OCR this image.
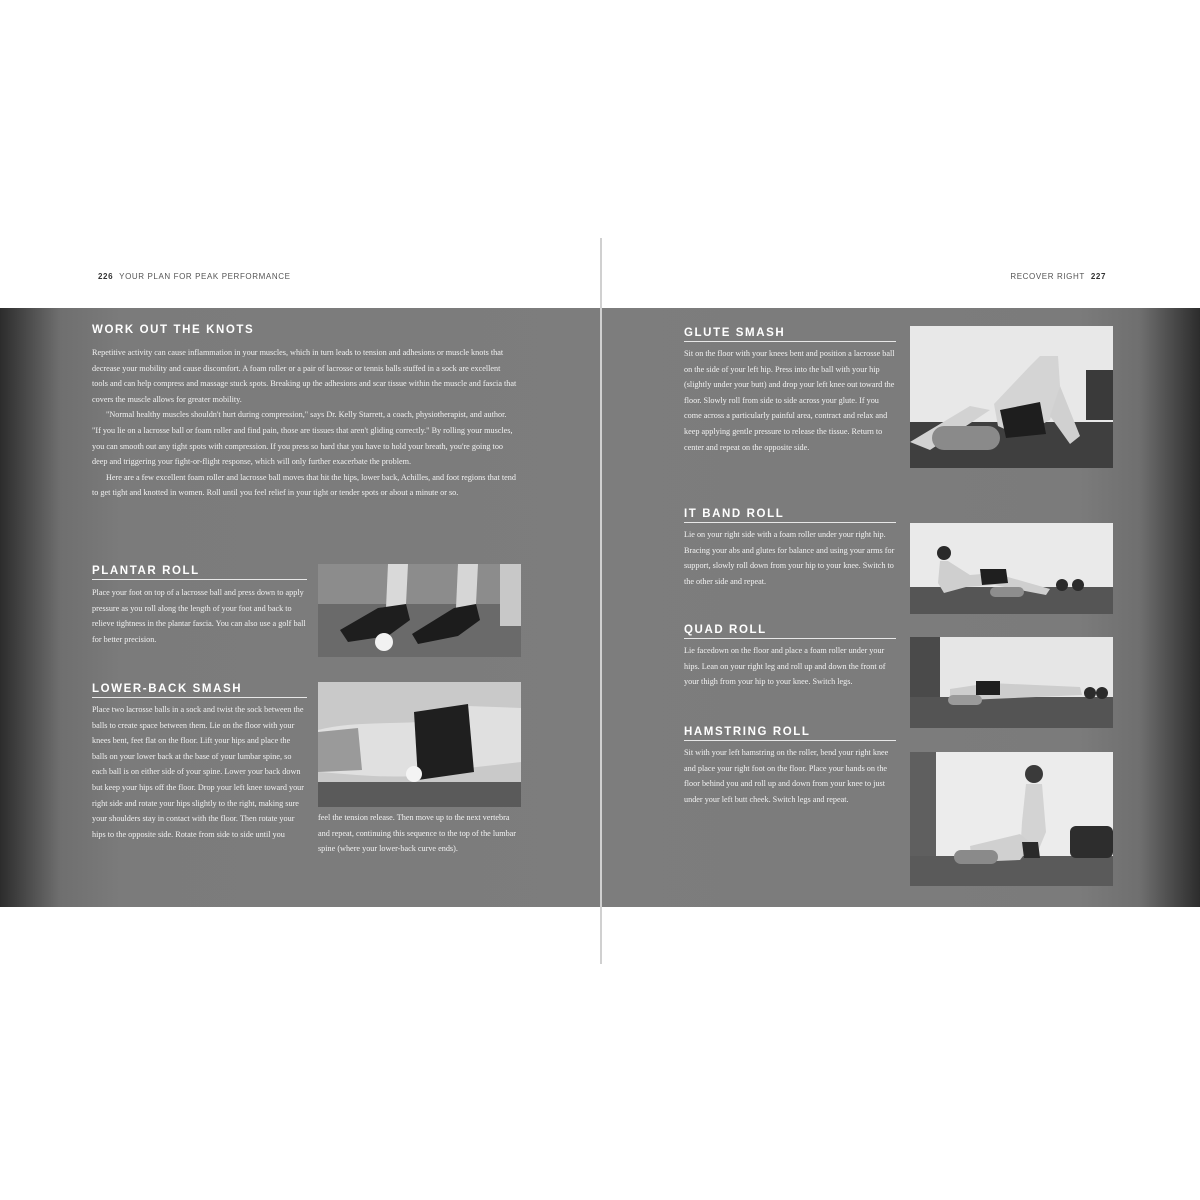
226 YOUR PLAN FOR PEAK PERFORMANCE	RECOVER RIGHT 227
WORK OUT THE KNOTS

Repetitive activity can cause inflammation in your muscles, which in turn leads to tension and adhesions or muscle knots that decrease your mobility and cause discomfort. A foam roller or a pair of lacrosse or tennis balls stuffed in a sock are excellent tools and can help compress and massage stuck spots. Breaking up the adhesions and scar tissue within the muscle and fascia that covers the muscle allows for greater mobility.

"Normal healthy muscles shouldn't hurt during compression," says Dr. Kelly Starrett, a coach, physiotherapist, and author. "If you lie on a lacrosse ball or foam roller and find pain, those are tissues that aren't gliding correctly." By rolling your muscles, you can smooth out any tight spots with compression. If you press so hard that you have to hold your breath, you're going too deep and triggering your fight-or-flight response, which will only further exacerbate the problem.

Here are a few excellent foam roller and lacrosse ball moves that hit the hips, lower back, Achilles, and foot regions that tend to get tight and knotted in women. Roll until you feel relief in your tight or tender spots or about a minute or so.

PLANTAR ROLL
Place your foot on top of a lacrosse ball and press down to apply pressure as you roll along the length of your foot and back to relieve tightness in the plantar fascia. You can also use a golf ball for better precision.
LOWER-BACK SMASH
Place two lacrosse balls in a sock and twist the sock between the balls to create space between them. Lie on the floor with your knees bent, feet flat on the floor. Lift your hips and place the balls on your lower back at the base of your lumbar spine, so each ball is on either side of your spine. Lower your back down but keep your hips off the floor. Drop your left knee toward your right side and rotate your hips slightly to the right, making sure your shoulders stay in contact with the floor. Then rotate your hips to the opposite side. Rotate from side to side until you
feel the tension release. Then move up to the next vertebra and repeat, continuing this sequence to the top of the lumbar spine (where your lower-back curve ends).
GLUTE SMASH
Sit on the floor with your knees bent and position a lacrosse ball on the side of your left hip. Press into the ball with your hip (slightly under your butt) and drop your left knee out toward the floor. Slowly roll from side to side across your glute. If you come across a particularly painful area, contract and relax and keep applying gentle pressure to release the tissue. Return to center and repeat on the opposite side.
IT BAND ROLL
Lie on your right side with a foam roller under your right hip. Bracing your abs and glutes for balance and using your arms for support, slowly roll down from your hip to your knee. Switch to the other side and repeat.
QUAD ROLL
Lie facedown on the floor and place a foam roller under your hips. Lean on your right leg and roll up and down the front of your thigh from your hip to your knee. Switch legs.
HAMSTRING ROLL
Sit with your left hamstring on the roller, bend your right knee and place your right foot on the floor. Place your hands on the floor behind you and roll up and down from your knee to just under your left butt cheek. Switch legs and repeat.
